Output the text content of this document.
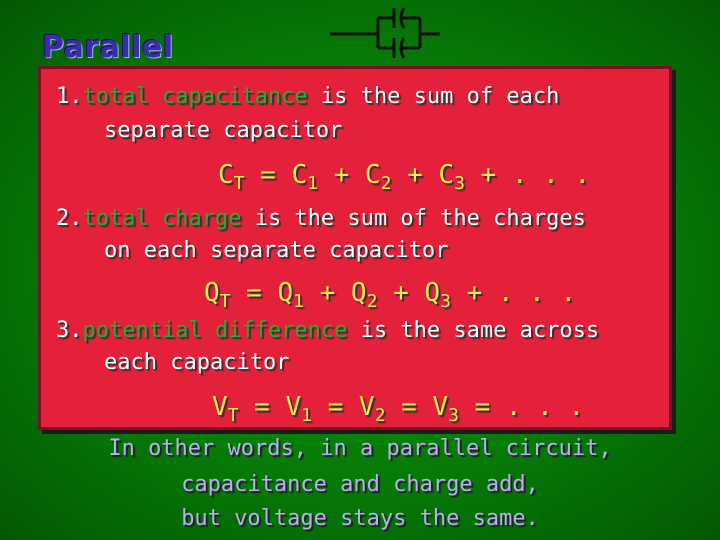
Parallel
1.total capacitance is the sum of each
separate capacitor
$C_T = C_1 + C_2 + C_3$ + . . .
2.total charge is the sum of the charges
on each separate capacitor
$Q_T = Q_1 + Q_2 + Q_3$ + . . .
3.potential difference is the same across
each capacitor
$V_T = V_1 = V_2 = V_3$ = . . .
In other words, in a parallel circuit,
capacitance and charge add,
but voltage stays the same.
